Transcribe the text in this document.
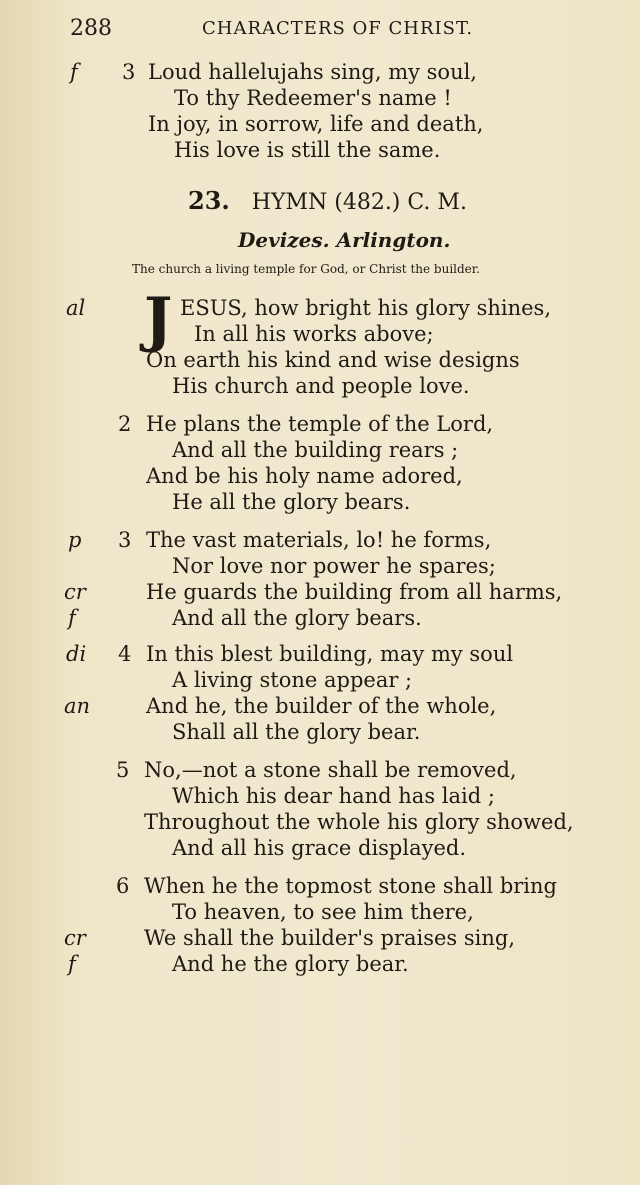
288	CHARACTERS OF CHRIST.
f 3 Loud hallelujahs sing, my soul,
To thy Redeemer's name !
In joy, in sorrow, life and death,
His love is still the same.
23. HYMN (482.) C. M.
Devizes. Arlington.
The church a living temple for God, or Christ the builder.
al J ESUS, how bright his glory shines,
In all his works above;
On earth his kind and wise designs
His church and people love.
2 He plans the temple of the Lord,
And all the building rears ;
And be his holy name adored,
He all the glory bears.
p 3 The vast materials, lo! he forms,
Nor love nor power he spares;
cr	He guards the building from all harms,
f	And all the glory bears.
di 4 In this blest building, may my soul
A living stone appear ;
an	And he, the builder of the whole,
Shall all the glory bear.
5 No,—not a stone shall be removed,
Which his dear hand has laid ;
Throughout the whole his glory showed,
And all his grace displayed.
6 When he the topmost stone shall bring
To heaven, to see him there,
cr	We shall the builder's praises sing,
f	And he the glory bear.
